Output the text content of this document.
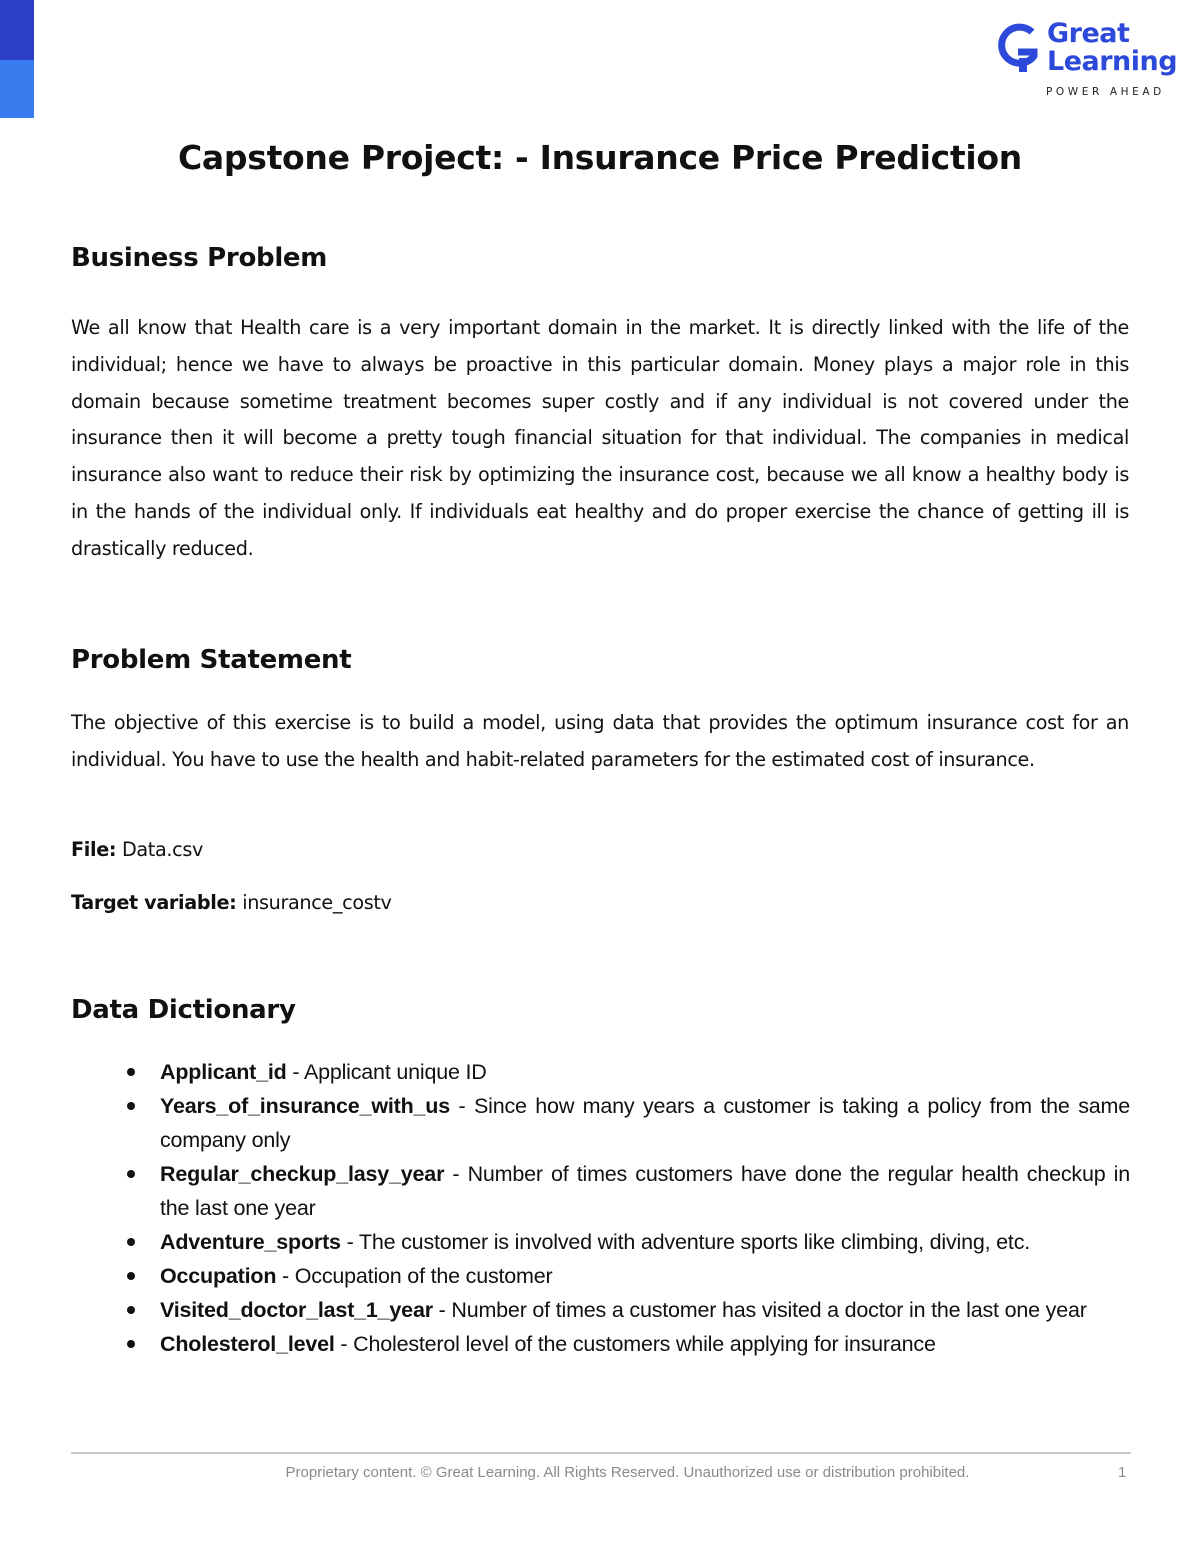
Great
Learning
POWER AHEAD
Capstone Project: - Insurance Price Prediction
Business Problem

We all know that Health care is a very important domain in the market. It is directly linked with the life of the individual; hence we have to always be proactive in this particular domain. Money plays a major role in this domain because sometime treatment becomes super costly and if any individual is not covered under the insurance then it will become a pretty tough financial situation for that individual. The companies in medical insurance also want to reduce their risk by optimizing the insurance cost, because we all know a healthy body is in the hands of the individual only. If individuals eat healthy and do proper exercise the chance of getting ill is drastically reduced.

Problem Statement

The objective of this exercise is to build a model, using data that provides the optimum insurance cost for an individual. You have to use the health and habit-related parameters for the estimated cost of insurance.

File: Data.csv

Target variable: insurance_costv

Data Dictionary
Applicant_id - Applicant unique ID
Years_of_insurance_with_us - Since how many years a customer is taking a policy from the same company only
Regular_checkup_lasy_year - Number of times customers have done the regular health checkup in the last one year
Adventure_sports - The customer is involved with adventure sports like climbing, diving, etc.
Occupation - Occupation of the customer
Visited_doctor_last_1_year - Number of times a customer has visited a doctor in the last one year
Cholesterol_level - Cholesterol level of the customers while applying for insurance
Proprietary content. © Great Learning. All Rights Reserved. Unauthorized use or distribution prohibited.	1
